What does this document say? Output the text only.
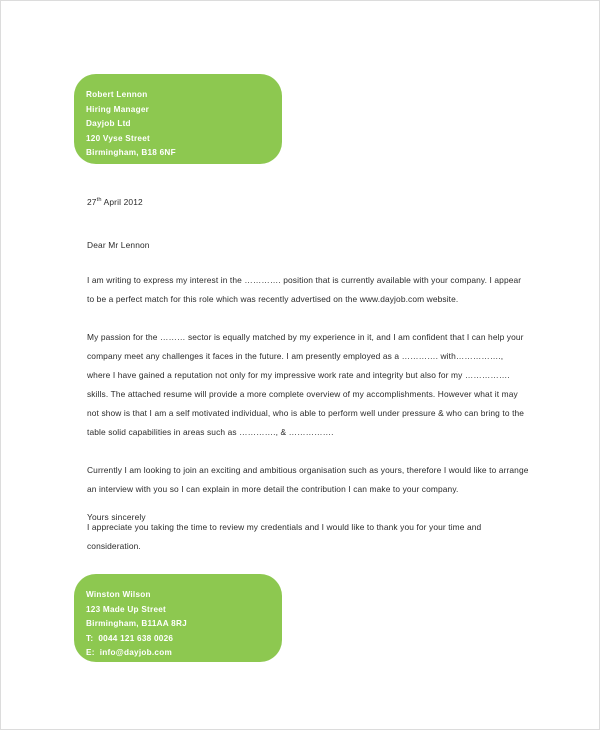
Robert Lennon
Hiring Manager
Dayjob Ltd
120 Vyse Street
Birmingham, B18 6NF
27th April 2012
Dear Mr Lennon

I am writing to express my interest in the …………. position that is currently available with your company. I appear to be a perfect match for this role which was recently advertised on the www.dayjob.com website.

My passion for the ……… sector is equally matched by my experience in it, and I am confident that I can help your company meet any challenges it faces in the future. I am presently employed as a …………. with……………., where I have gained a reputation not only for my impressive work rate and integrity but also for my ……………. skills. The attached resume will provide a more complete overview of my accomplishments. However what it may not show is that I am a self motivated individual, who is able to perform well under pressure & who can bring to the table solid capabilities in areas such as …………., & …………….

Currently I am looking to join an exciting and ambitious organisation such as yours, therefore I would like to arrange an interview with you so I can explain in more detail the contribution I can make to your company.

I appreciate you taking the time to review my credentials and I would like to thank you for your time and consideration.

Yours sincerely
Winston Wilson
123 Made Up Street
Birmingham, B11AA 8RJ
T:  0044 121 638 0026
E:  info@dayjob.com
